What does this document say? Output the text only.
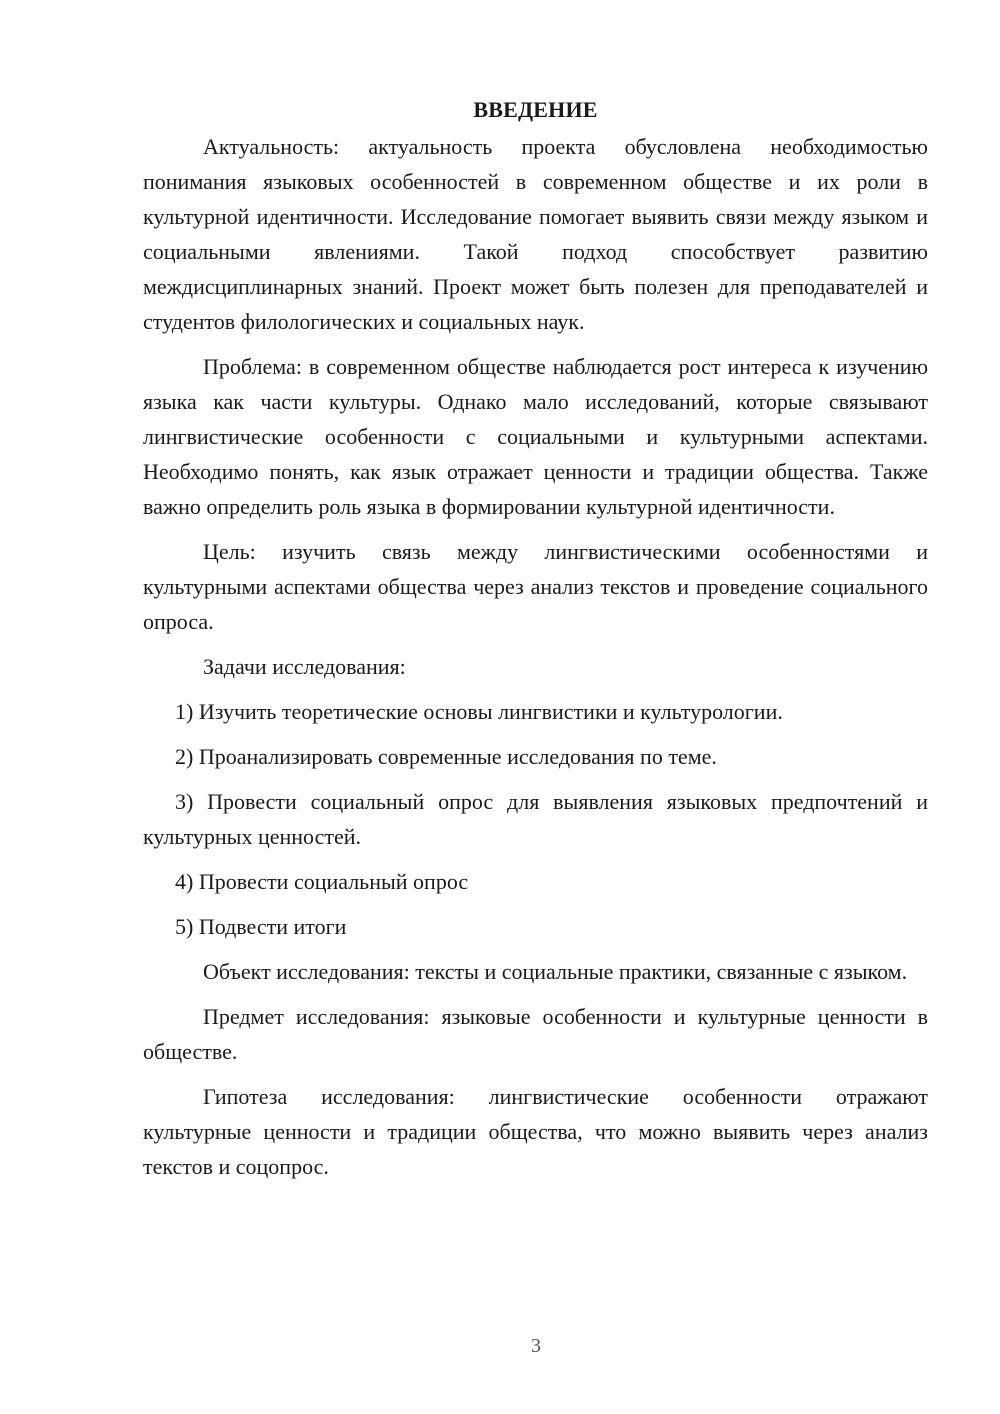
ВВЕДЕНИЕ

Актуальность: актуальность проекта обусловлена необходимостью понимания языковых особенностей в современном обществе и их роли в культурной идентичности. Исследование помогает выявить связи между языком и социальными явлениями. Такой подход способствует развитию междисциплинарных знаний. Проект может быть полезен для преподавателей и студентов филологических и социальных наук.

Проблема: в современном обществе наблюдается рост интереса к изучению языка как части культуры. Однако мало исследований, которые связывают лингвистические особенности с социальными и культурными аспектами. Необходимо понять, как язык отражает ценности и традиции общества. Также важно определить роль языка в формировании культурной идентичности.

Цель: изучить связь между лингвистическими особенностями и культурными аспектами общества через анализ текстов и проведение социального опроса.

Задачи исследования:

1) Изучить теоретические основы лингвистики и культурологии.

2) Проанализировать современные исследования по теме.

3) Провести социальный опрос для выявления языковых предпочтений и культурных ценностей.

4) Провести социальный опрос

5) Подвести итоги

Объект исследования: тексты и социальные практики, связанные с языком.

Предмет исследования: языковые особенности и культурные ценности в обществе.

Гипотеза исследования: лингвистические особенности отражают культурные ценности и традиции общества, что можно выявить через анализ текстов и соцопрос.

3
